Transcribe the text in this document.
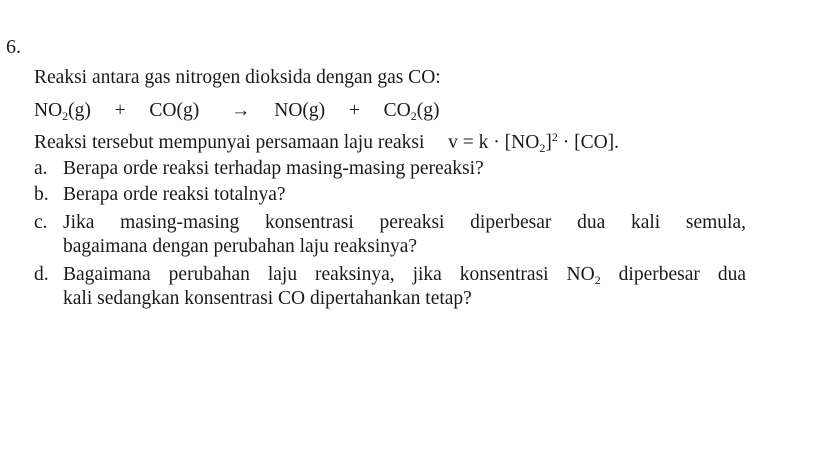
6.
Reaksi antara gas nitrogen dioksida dengan gas CO:
$NO_2(g) + CO(g) \to NO(g) + CO_2(g)$
Reaksi tersebut mempunyai persamaan laju reaksi $v = k \cdot [NO_2]^2 \cdot [CO]$.
a. Berapa orde reaksi terhadap masing-masing pereaksi?
b. Berapa orde reaksi totalnya?
c. Jika masing-masing konsentrasi pereaksi diperbesar dua kali semula,
bagaimana dengan perubahan laju reaksinya?
d. Bagaimana perubahan laju reaksinya, jika konsentrasi $NO_2$ diperbesar dua
kali sedangkan konsentrasi CO dipertahankan tetap?
